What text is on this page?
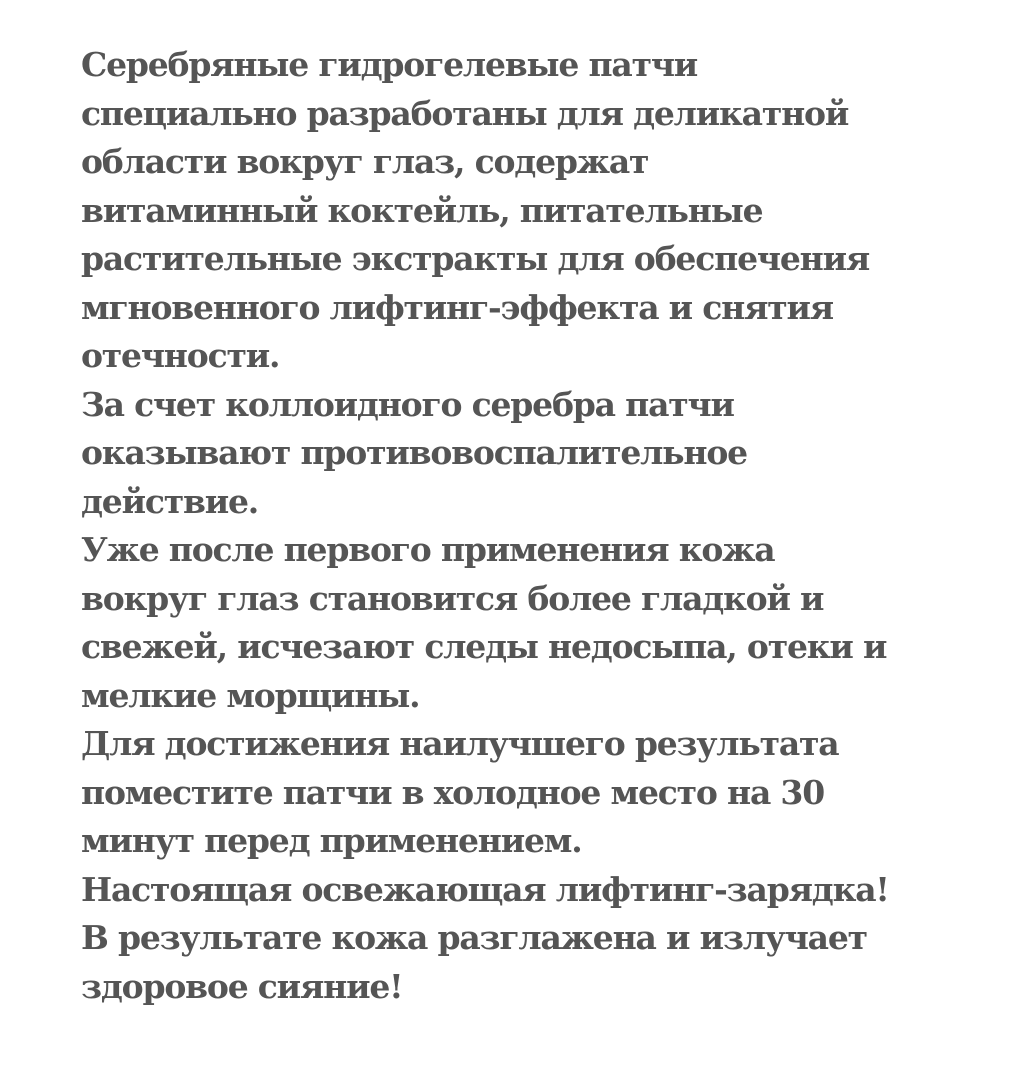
Серебряные гидрогелевые патчи
специально разработаны для деликатной
области вокруг глаз, содержат
витаминный коктейль, питательные
растительные экстракты для обеспечения
мгновенного лифтинг-эффекта и снятия
отечности.
За счет коллоидного серебра патчи
оказывают противовоспалительное
действие.
Уже после первого применения кожа
вокруг глаз становится более гладкой и
свежей, исчезают следы недосыпа, отеки и
мелкие морщины.
Для достижения наилучшего результата
поместите патчи в холодное место на 30
минут перед применением.
Настоящая освежающая лифтинг-зарядка!
В результате кожа разглажена и излучает
здоровое сияние!
